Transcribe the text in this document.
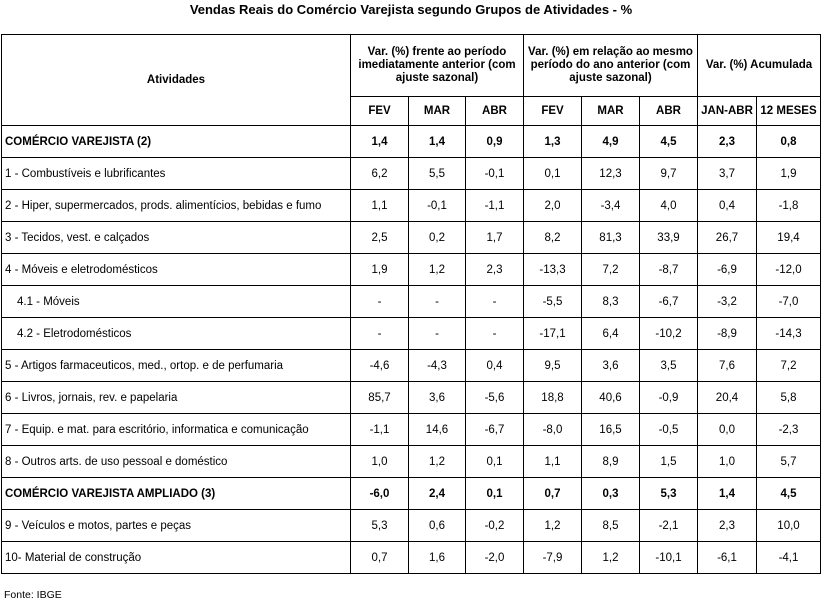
Vendas Reais do Comércio Varejista segundo Grupos de Atividades - %
Atividades	Var. (%) frente ao período imediatamente anterior (com ajuste sazonal)			Var. (%) em relação ao mesmo período do ano anterior (com ajuste sazonal)			Var. (%) Acumulada	
	FEV	MAR	ABR	FEV	MAR	ABR	JAN-ABR	12 MESES
COMÉRCIO VAREJISTA (2)	1,4	1,4	0,9	1,3	4,9	4,5	2,3	0,8
1 - Combustíveis e lubrificantes	6,2	5,5	-0,1	0,1	12,3	9,7	3,7	1,9
2 - Hiper, supermercados, prods. alimentícios, bebidas e fumo	1,1	-0,1	-1,1	2,0	-3,4	4,0	0,4	-1,8
3 - Tecidos, vest. e calçados	2,5	0,2	1,7	8,2	81,3	33,9	26,7	19,4
4 - Móveis e eletrodomésticos	1,9	1,2	2,3	-13,3	7,2	-8,7	-6,9	-12,0
4.1 - Móveis	-	-	-	-5,5	8,3	-6,7	-3,2	-7,0
4.2 - Eletrodomésticos	-	-	-	-17,1	6,4	-10,2	-8,9	-14,3
5 - Artigos farmaceuticos, med., ortop. e de perfumaria	-4,6	-4,3	0,4	9,5	3,6	3,5	7,6	7,2
6 - Livros, jornais, rev. e papelaria	85,7	3,6	-5,6	18,8	40,6	-0,9	20,4	5,8
7 - Equip. e mat. para escritório, informatica e comunicação	-1,1	14,6	-6,7	-8,0	16,5	-0,5	0,0	-2,3
8 - Outros arts. de uso pessoal e doméstico	1,0	1,2	0,1	1,1	8,9	1,5	1,0	5,7
COMÉRCIO VAREJISTA AMPLIADO (3)	-6,0	2,4	0,1	0,7	0,3	5,3	1,4	4,5
9 - Veículos e motos, partes e peças	5,3	0,6	-0,2	1,2	8,5	-2,1	2,3	10,0
10- Material de construção	0,7	1,6	-2,0	-7,9	1,2	-10,1	-6,1	-4,1
Fonte: IBGE
